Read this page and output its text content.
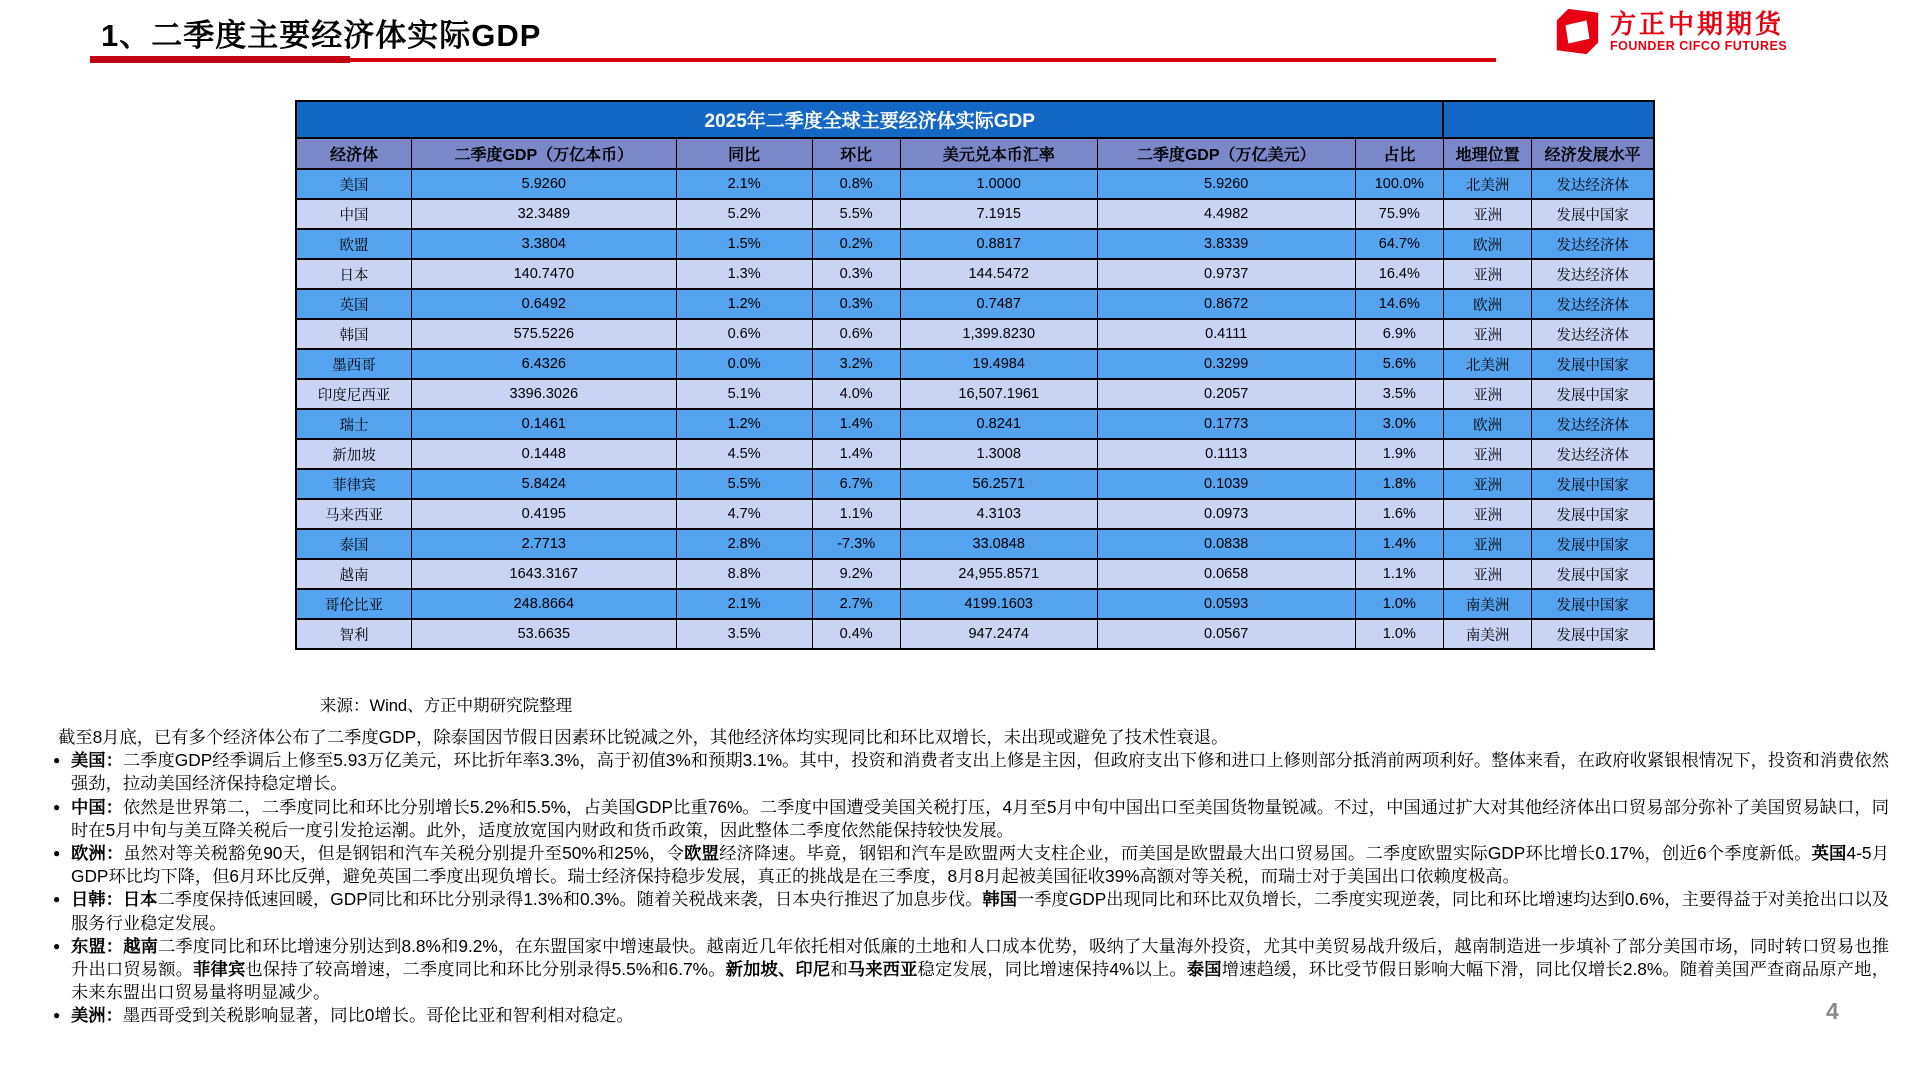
1、二季度主要经济体实际GDP	方正中期期货
FOUNDER CIFCO FUTURES
2025年二季度全球主要经济体实际GDP								
经济体	二季度GDP（万亿本币）	同比	环比	美元兑本币汇率	二季度GDP（万亿美元）	占比	地理位置	经济发展水平
美国	5.9260	2.1%	0.8%	1.0000	5.9260	100.0%	北美洲	发达经济体
中国	32.3489	5.2%	5.5%	7.1915	4.4982	75.9%	亚洲	发展中国家
欧盟	3.3804	1.5%	0.2%	0.8817	3.8339	64.7%	欧洲	发达经济体
日本	140.7470	1.3%	0.3%	144.5472	0.9737	16.4%	亚洲	发达经济体
英国	0.6492	1.2%	0.3%	0.7487	0.8672	14.6%	欧洲	发达经济体
韩国	575.5226	0.6%	0.6%	1,399.8230	0.4111	6.9%	亚洲	发达经济体
墨西哥	6.4326	0.0%	3.2%	19.4984	0.3299	5.6%	北美洲	发展中国家
印度尼西亚	3396.3026	5.1%	4.0%	16,507.1961	0.2057	3.5%	亚洲	发展中国家
瑞士	0.1461	1.2%	1.4%	0.8241	0.1773	3.0%	欧洲	发达经济体
新加坡	0.1448	4.5%	1.4%	1.3008	0.1113	1.9%	亚洲	发达经济体
菲律宾	5.8424	5.5%	6.7%	56.2571	0.1039	1.8%	亚洲	发展中国家
马来西亚	0.4195	4.7%	1.1%	4.3103	0.0973	1.6%	亚洲	发展中国家
泰国	2.7713	2.8%	-7.3%	33.0848	0.0838	1.4%	亚洲	发展中国家
越南	1643.3167	8.8%	9.2%	24,955.8571	0.0658	1.1%	亚洲	发展中国家
哥伦比亚	248.8664	2.1%	2.7%	4199.1603	0.0593	1.0%	南美洲	发展中国家
智利	53.6635	3.5%	0.4%	947.2474	0.0567	1.0%	南美洲	发展中国家
来源：Wind、方正中期研究院整理

截至8月底，已有多个经济体公布了二季度GDP，除泰国因节假日因素环比锐减之外，其他经济体均实现同比和环比双增长，未出现或避免了技术性衰退。

● 美国：二季度GDP经季调后上修至5.93万亿美元，环比折年率3.3%，高于初值3%和预期3.1%。其中，投资和消费者支出上修是主因，但政府支出下修和进口上修则部分抵消前两项利好。整体来看，在政府收紧银根情况下，投资和消费依然强劲，拉动美国经济保持稳定增长。

● 中国：依然是世界第二，二季度同比和环比分别增长5.2%和5.5%，占美国GDP比重76%。二季度中国遭受美国关税打压，4月至5月中旬中国出口至美国货物量锐减。不过，中国通过扩大对其他经济体出口贸易部分弥补了美国贸易缺口，同时在5月中旬与美互降关税后一度引发抢运潮。此外，适度放宽国内财政和货币政策，因此整体二季度依然能保持较快发展。

● 欧洲：虽然对等关税豁免90天，但是钢铝和汽车关税分别提升至50%和25%，令欧盟经济降速。毕竟，钢铝和汽车是欧盟两大支柱企业，而美国是欧盟最大出口贸易国。二季度欧盟实际GDP环比增长0.17%，创近6个季度新低。英国4-5月GDP环比均下降，但6月环比反弹，避免英国二季度出现负增长。瑞士经济保持稳步发展，真正的挑战是在三季度，8月8月起被美国征收39%高额对等关税，而瑞士对于美国出口依赖度极高。

● 日韩：日本二季度保持低速回暖，GDP同比和环比分别录得1.3%和0.3%。随着关税战来袭，日本央行推迟了加息步伐。韩国一季度GDP出现同比和环比双负增长，二季度实现逆袭，同比和环比增速均达到0.6%，主要得益于对美抢出口以及服务行业稳定发展。

● 东盟：越南二季度同比和环比增速分别达到8.8%和9.2%，在东盟国家中增速最快。越南近几年依托相对低廉的土地和人口成本优势，吸纳了大量海外投资，尤其中美贸易战升级后，越南制造进一步填补了部分美国市场，同时转口贸易也推升出口贸易额。菲律宾也保持了较高增速，二季度同比和环比分别录得5.5%和6.7%。新加坡、印尼和马来西亚稳定发展，同比增速保持4%以上。泰国增速趋缓，环比受节假日影响大幅下滑，同比仅增长2.8%。随着美国严查商品原产地，未来东盟出口贸易量将明显减少。

● 美洲：墨西哥受到关税影响显著，同比0增长。哥伦比亚和智利相对稳定。	4
